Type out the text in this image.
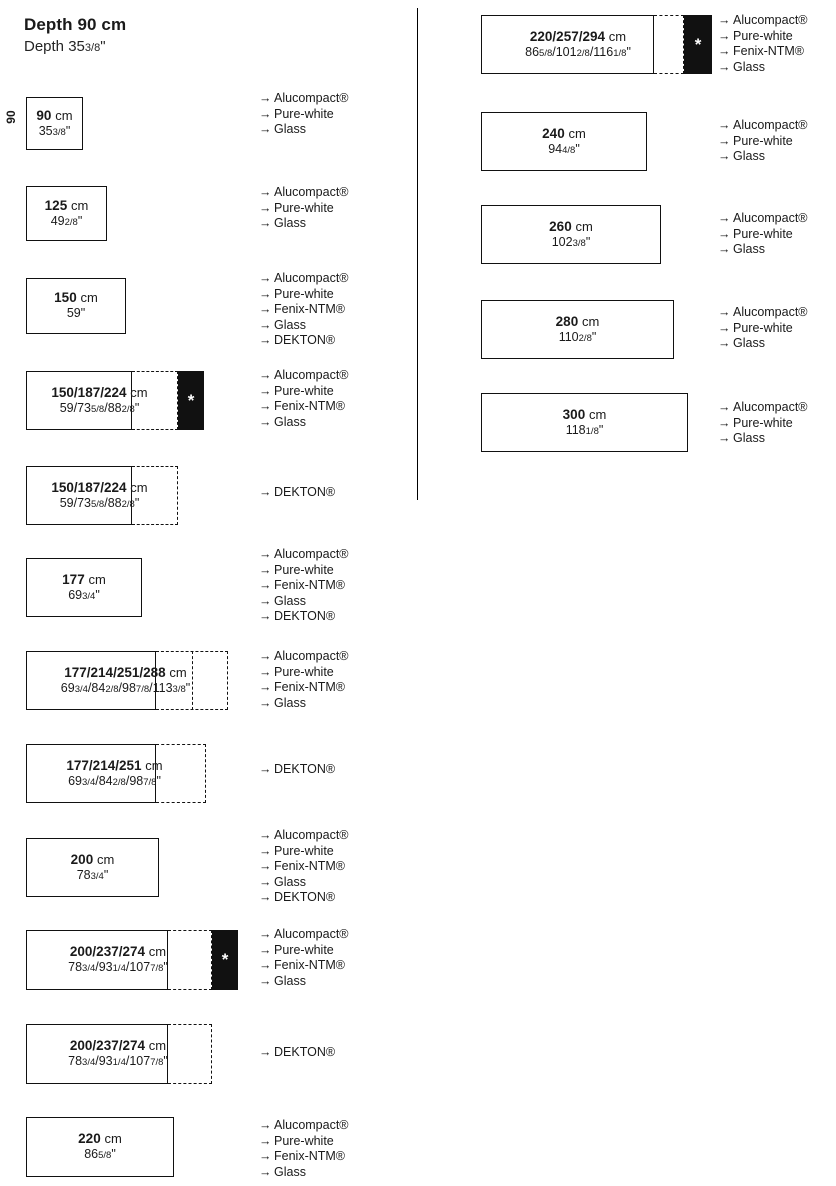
Depth 90 cm
Depth 353/8"
90	90 cm
353/8"
→ Alucompact®
→ Pure-white
→ Glass
125 cm
492/8"
→ Alucompact®
→ Pure-white
→ Glass
150 cm
59"
→ Alucompact®
→ Pure-white
→ Fenix-NTM®
→ Glass
→ DEKTON®
150/187/224 cm
59/735/8/882/8"	*
→ Alucompact®
→ Pure-white
→ Fenix-NTM®
→ Glass
150/187/224 cm
59/735/8/882/8"
→ DEKTON®
177 cm
693/4"
→ Alucompact®
→ Pure-white
→ Fenix-NTM®
→ Glass
→ DEKTON®
177/214/251/288 cm
693/4/842/8/987/8/1133/8"
→ Alucompact®
→ Pure-white
→ Fenix-NTM®
→ Glass
177/214/251 cm
693/4/842/8/987/8"
→ DEKTON®
200 cm
783/4"
→ Alucompact®
→ Pure-white
→ Fenix-NTM®
→ Glass
→ DEKTON®
200/237/274 cm
783/4/931/4/1077/8"	*
→ Alucompact®
→ Pure-white
→ Fenix-NTM®
→ Glass
200/237/274 cm
783/4/931/4/1077/8"
→ DEKTON®
220 cm
865/8"
→ Alucompact®
→ Pure-white
→ Fenix-NTM®
→ Glass
220/257/294 cm
865/8/1012/8/1161/8"	*
→ Alucompact®
→ Pure-white
→ Fenix-NTM®
→ Glass
240 cm
944/8"
→ Alucompact®
→ Pure-white
→ Glass
260 cm
1023/8"
→ Alucompact®
→ Pure-white
→ Glass
280 cm
1102/8"
→ Alucompact®
→ Pure-white
→ Glass
300 cm
1181/8"
→ Alucompact®
→ Pure-white
→ Glass
